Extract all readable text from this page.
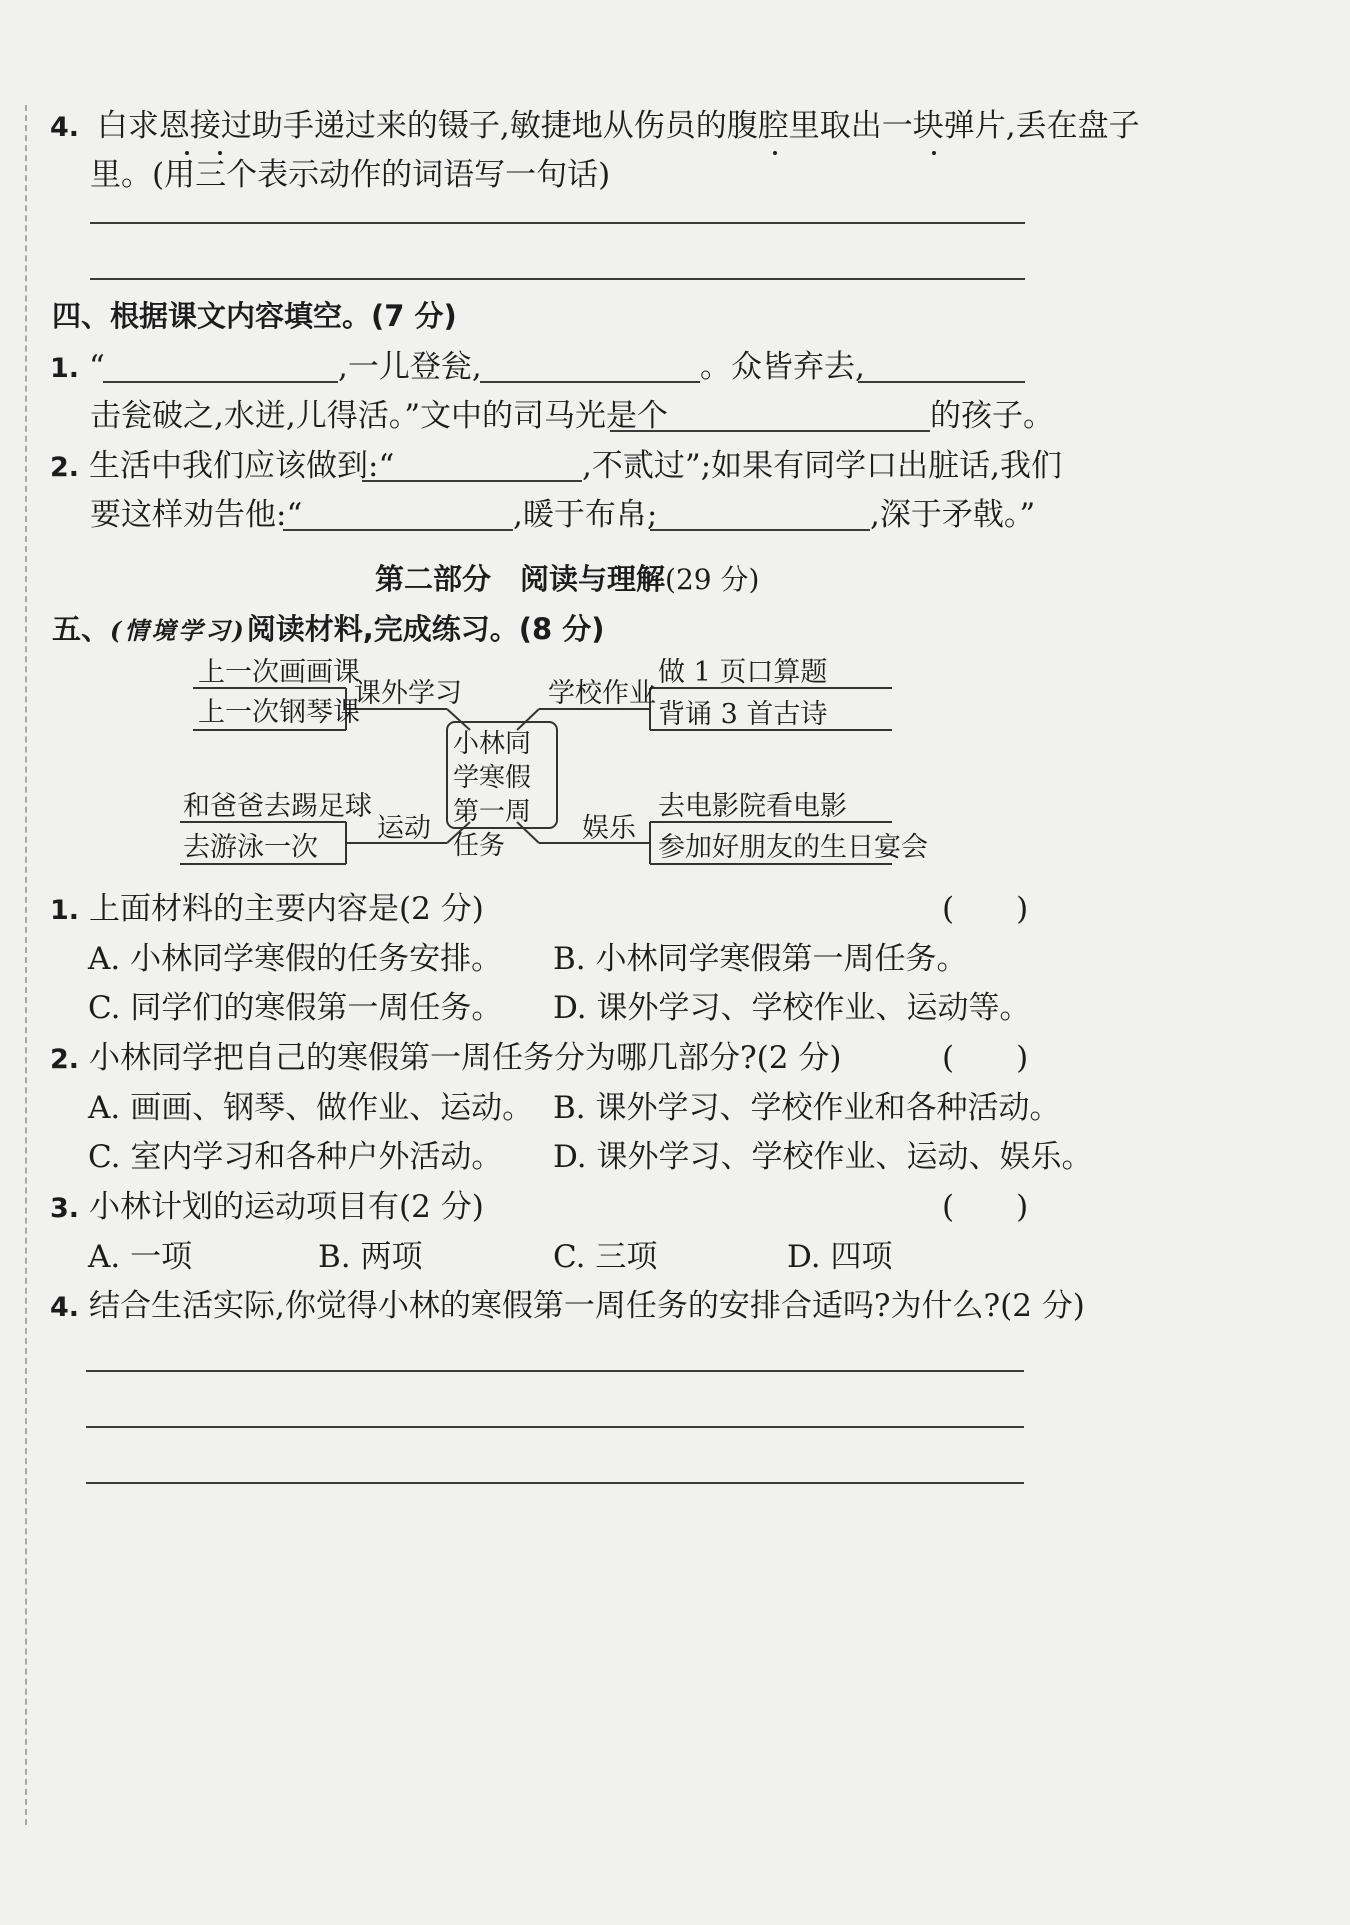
4. 白求恩接过助手递过来的镊子,敏捷地从伤员的腹腔里取出一块弹片,丢在盘子
里。(用三个表示动作的词语写一句话)
四、根据课文内容填空。(7 分)
1. “	,一儿登瓮,	。众皆弃去,
击瓮破之,水迸,儿得活。”文中的司马光是个	的孩子。
2. 生活中我们应该做到:“	,不贰过”;如果有同学口出脏话,我们
要这样劝告他:“	,暖于布帛;	,深于矛戟。”
第二部分　阅读与理解(29 分)
五、(情境学习)阅读材料,完成练习。(8 分)
小林同学寒假第一周任务
上一次画画课
上一次钢琴课
课外学习	学校作业
做 1 页口算题
背诵 3 首古诗
和爸爸去踢足球
去游泳一次
运动	娱乐
去电影院看电影
参加好朋友的生日宴会
1. 上面材料的主要内容是(2 分)	(　　)
A. 小林同学寒假的任务安排。 B. 小林同学寒假第一周任务。
C. 同学们的寒假第一周任务。 D. 课外学习、学校作业、运动等。
2. 小林同学把自己的寒假第一周任务分为哪几部分?(2 分)	(　　)
A. 画画、钢琴、做作业、运动。 B. 课外学习、学校作业和各种活动。
C. 室内学习和各种户外活动。 D. 课外学习、学校作业、运动、娱乐。
3. 小林计划的运动项目有(2 分)	(　　)
A. 一项	B. 两项	C. 三项	D. 四项
4. 结合生活实际,你觉得小林的寒假第一周任务的安排合适吗?为什么?(2 分)
